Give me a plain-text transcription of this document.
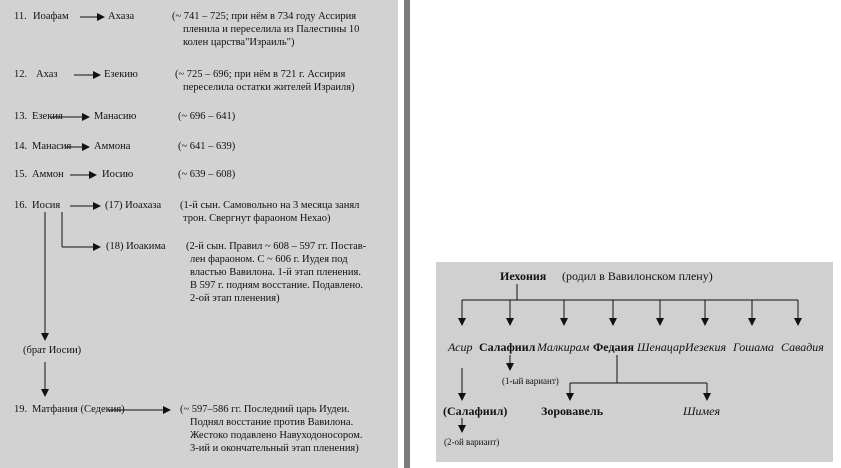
11. Иоафам	Ахаза	(~ 741 – 725; при нём в 734 году Ассирия
пленила и переселила из Палестины 10
колен царства"Израиль")
12. Ахаз	Езекию	(~ 725 – 696; при нём в 721 г. Ассирия
переселила остатки жителей Израиля)
13. Езекия	Манасию	(~ 696 – 641)
14. Манасия Аммона	(~ 641 – 639)
15. Аммон	Иосию	(~ 639 – 608)
16. Иосия	(17) Иоахаза (1-й сын. Самовольно на 3 месяца занял
трон. Свергнут фараоном Нехао)
(18) Иоакима (2-й сын. Правил ~ 608 – 597 гг. Постав-
лен фараоном. С ~ 606 г. Иудея под
властью Вавилона. 1-й этап пленения.
В 597 г. подням восстание. Подавлено.
2-ой этап пленения)
(брат Иосии)
19. Матфания (Седекия)	(~ 597–586 гг. Последний царь Иудеи.
Поднял восстание против Вавилона.
Жестоко подавлено Навуходоносором.
3-ий и окончательный этап пленения)
Иехония (родил в Вавилонском плену)
Асир Салафиил Малкирам Федаия Шенацар Иезекия Гошама Савадия
(1-ый вариант)
(Салафиил)
(2-ой вариант)
Зоровавель	Шимея
